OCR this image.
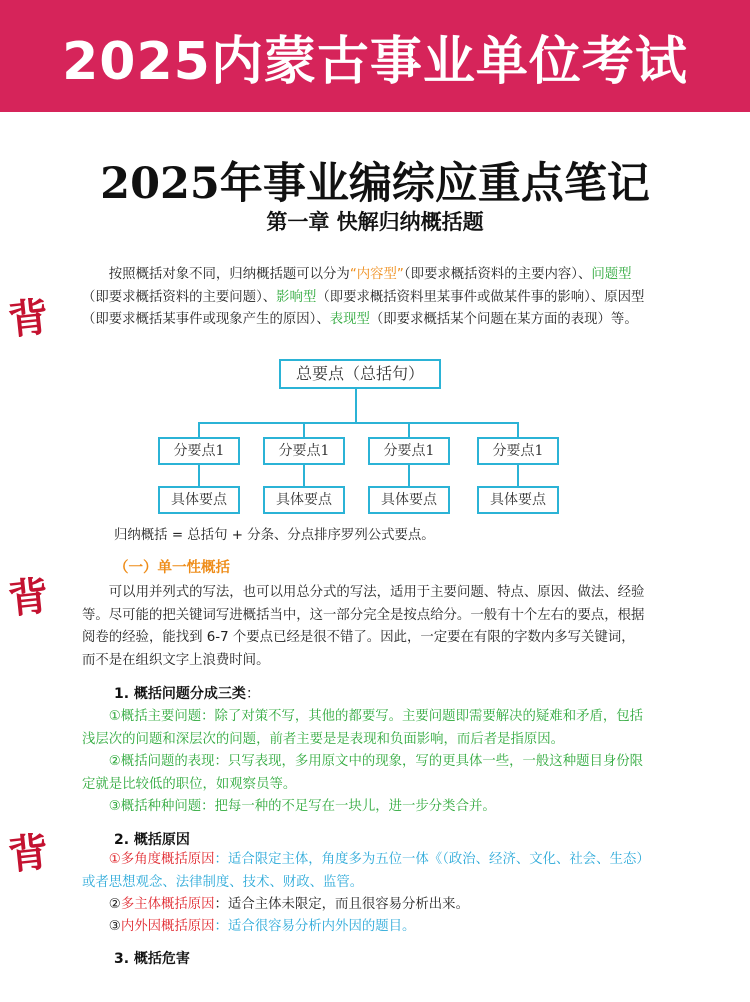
2025内蒙古事业单位考试
2025年事业编综应重点笔记
第一章 快解归纳概括题
背
背
背
按照概括对象不同，归纳概括题可以分为“内容型”（即要求概括资料的主要内容）、问题型（即要求概括资料的主要问题）、影响型（即要求概括资料里某事件或做某件事的影响）、原因型（即要求概括某事件或现象产生的原因）、表现型（即要求概括某个问题在某方面的表现）等。
总要点（总括句）
分要点1	分要点1	分要点1	分要点1
具体要点	具体要点	具体要点	具体要点
归纳概括 = 总括句 + 分条、分点排序罗列公式要点。
（一）单一性概括
可以用并列式的写法，也可以用总分式的写法，适用于主要问题、特点、原因、做法、经验等。尽可能的把关键词写进概括当中，这一部分完全是按点给分。一般有十个左右的要点，根据阅卷的经验，能找到 6-7 个要点已经是很不错了。因此，一定要在有限的字数内多写关键词，而不是在组织文字上浪费时间。
1. 概括问题分成三类：
①概括主要问题：除了对策不写，其他的都要写。主要问题即需要解决的疑难和矛盾，包括浅层次的问题和深层次的问题，前者主要是是表现和负面影响，而后者是指原因。
②概括问题的表现：只写表现，多用原文中的现象，写的更具体一些，一般这种题目身份限定就是比较低的职位，如观察员等。
③概括种种问题：把每一种的不足写在一块儿，进一步分类合并。
2. 概括原因
①多角度概括原因：适合限定主体，角度多为五位一体《（政治、经济、文化、社会、生态）或者思想观念、法律制度、技术、财政、监管。
②多主体概括原因：适合主体未限定，而且很容易分析出来。
③内外因概括原因：适合很容易分析内外因的题目。
3. 概括危害
